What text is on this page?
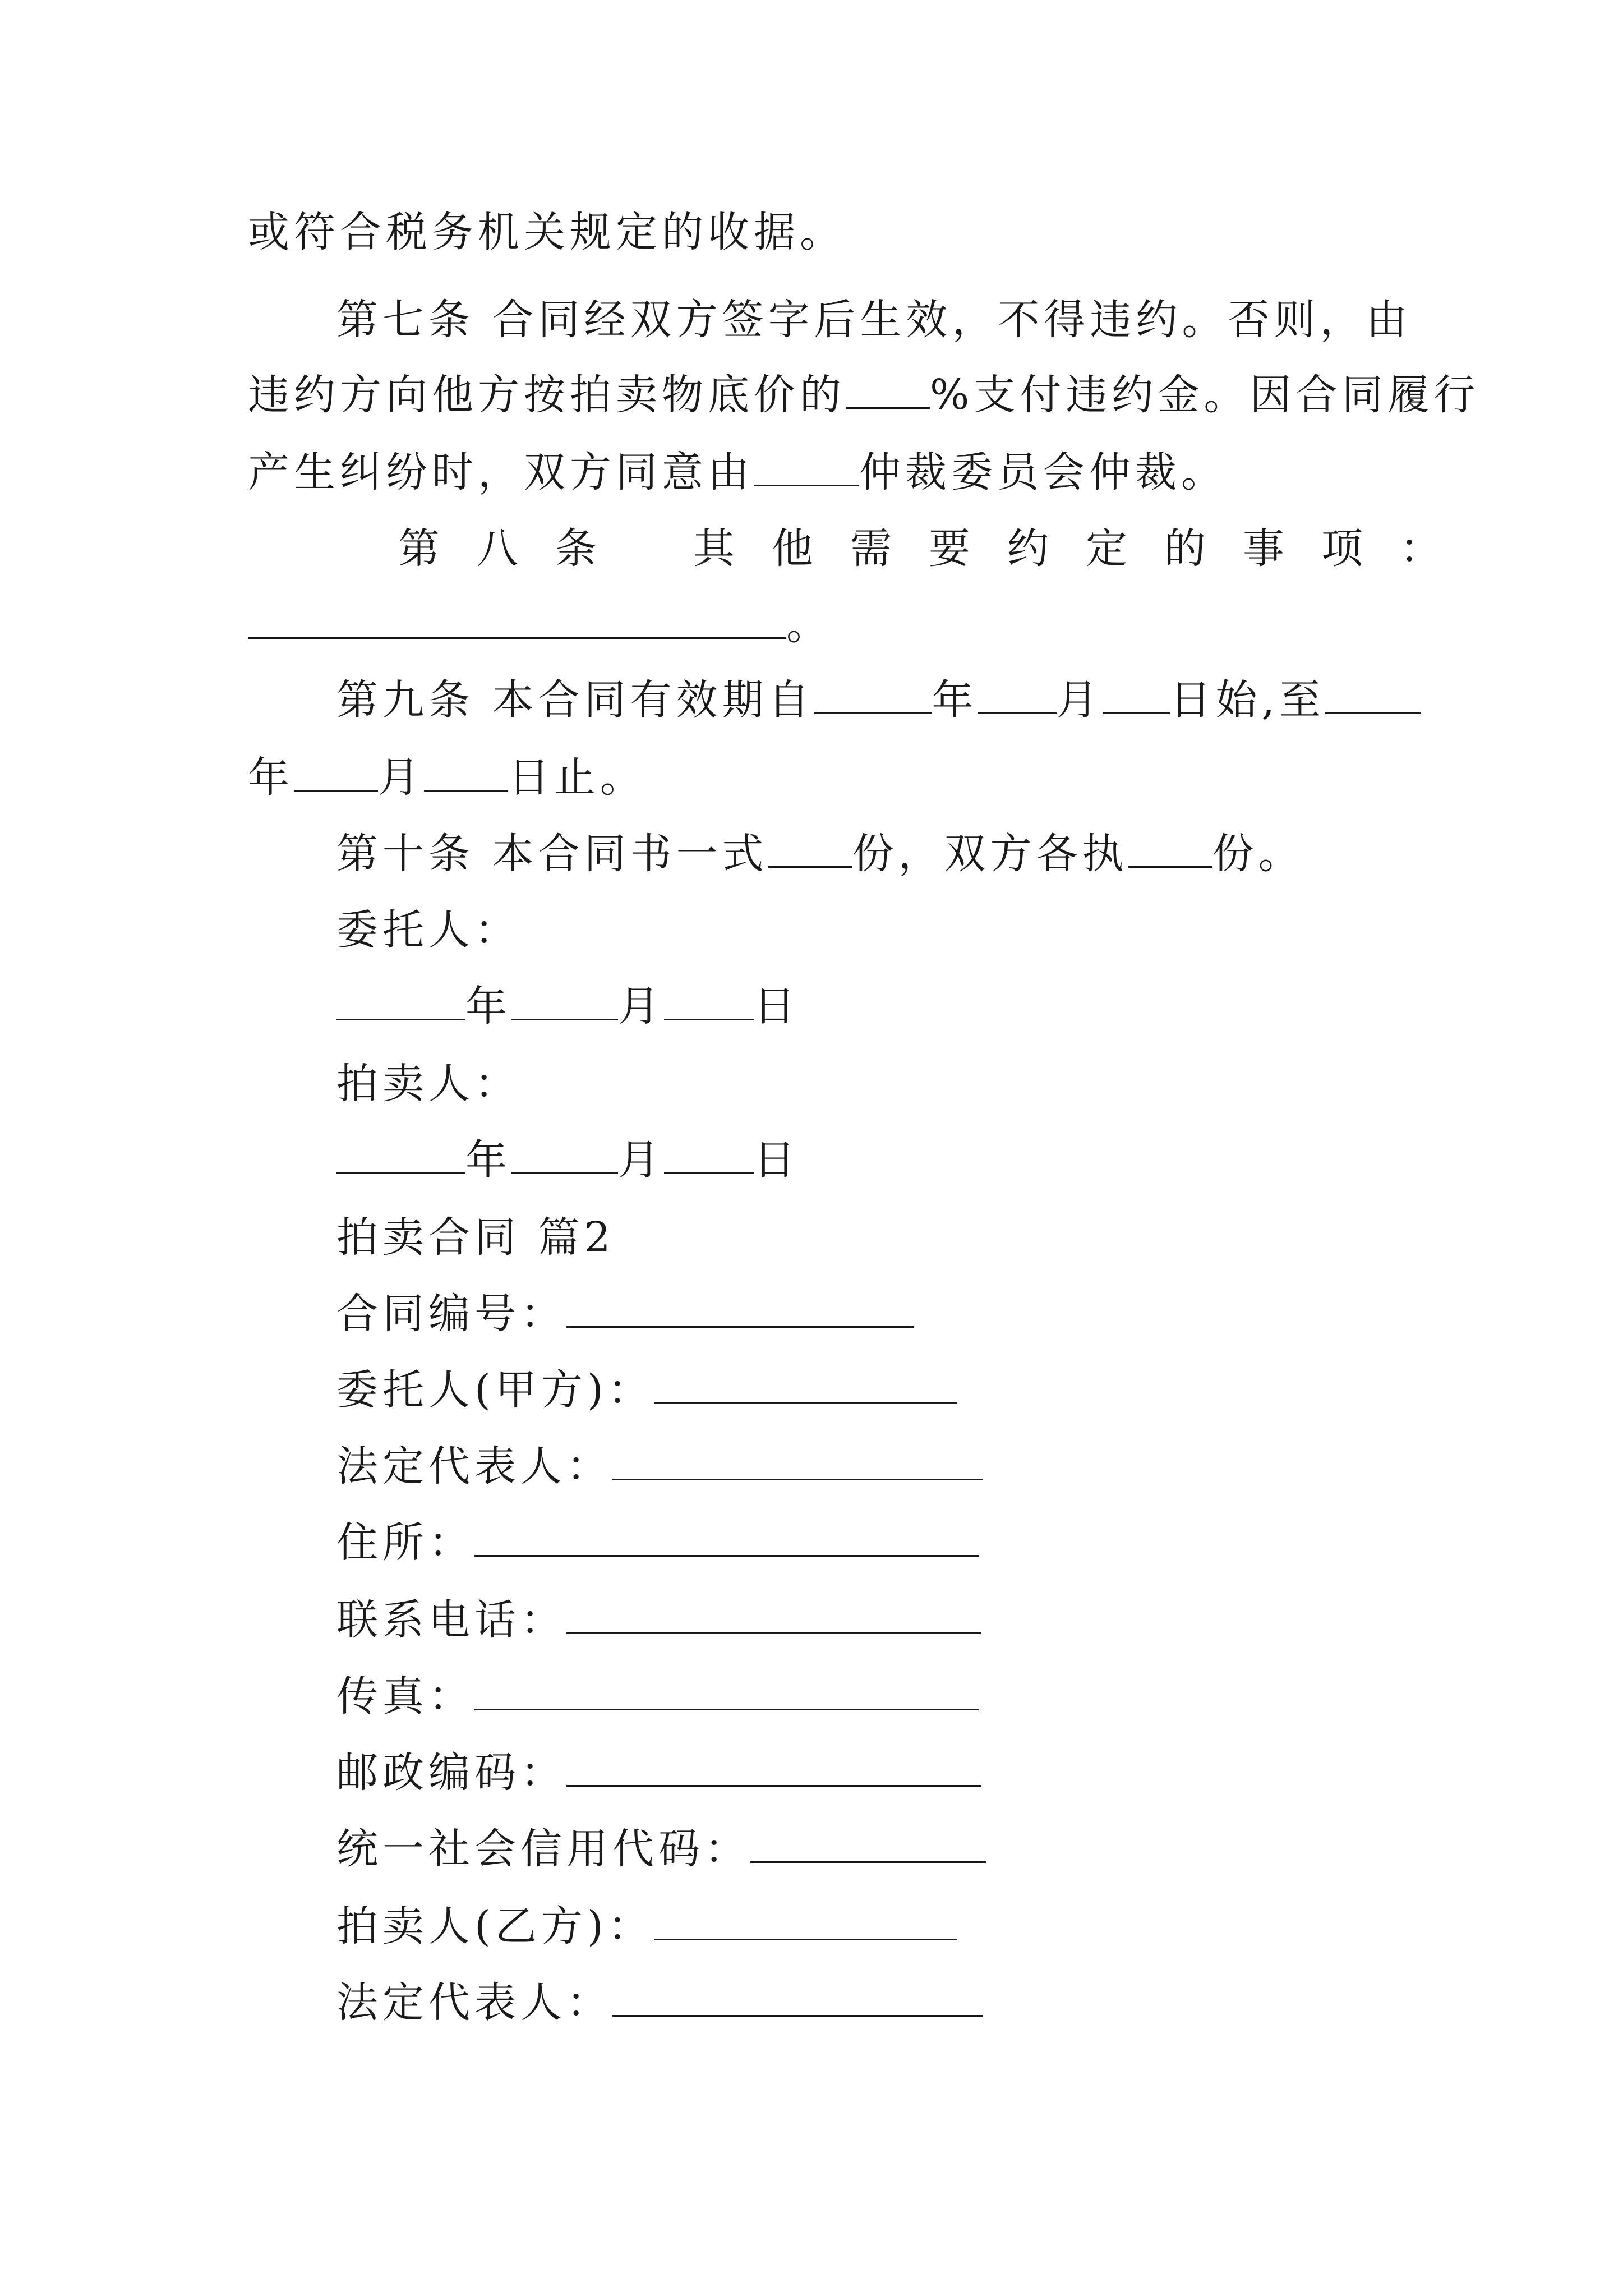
或符合税务机关规定的收据。
第七条 合同经双方签字后生效，不得违约。否则，由
违约方向他方按拍卖物底价的 %支付违约金。因合同履行
产生纠纷时，双方同意由	仲裁委员会仲裁。
第 八 条 其 他 需 要 约 定 的 事 项 ：
。
第九条 本合同有效期自	年 月 日始,至
年 月 日止。
第十条 本合同书一式 份，双方各执 份。
委托人：
年	月 日
拍卖人：
年	月 日
拍卖合同 篇2
合同编号：
委托人(甲方)：
法定代表人：
住所：
联系电话：
传真：
邮政编码：
统一社会信用代码：
拍卖人(乙方)：
法定代表人：
